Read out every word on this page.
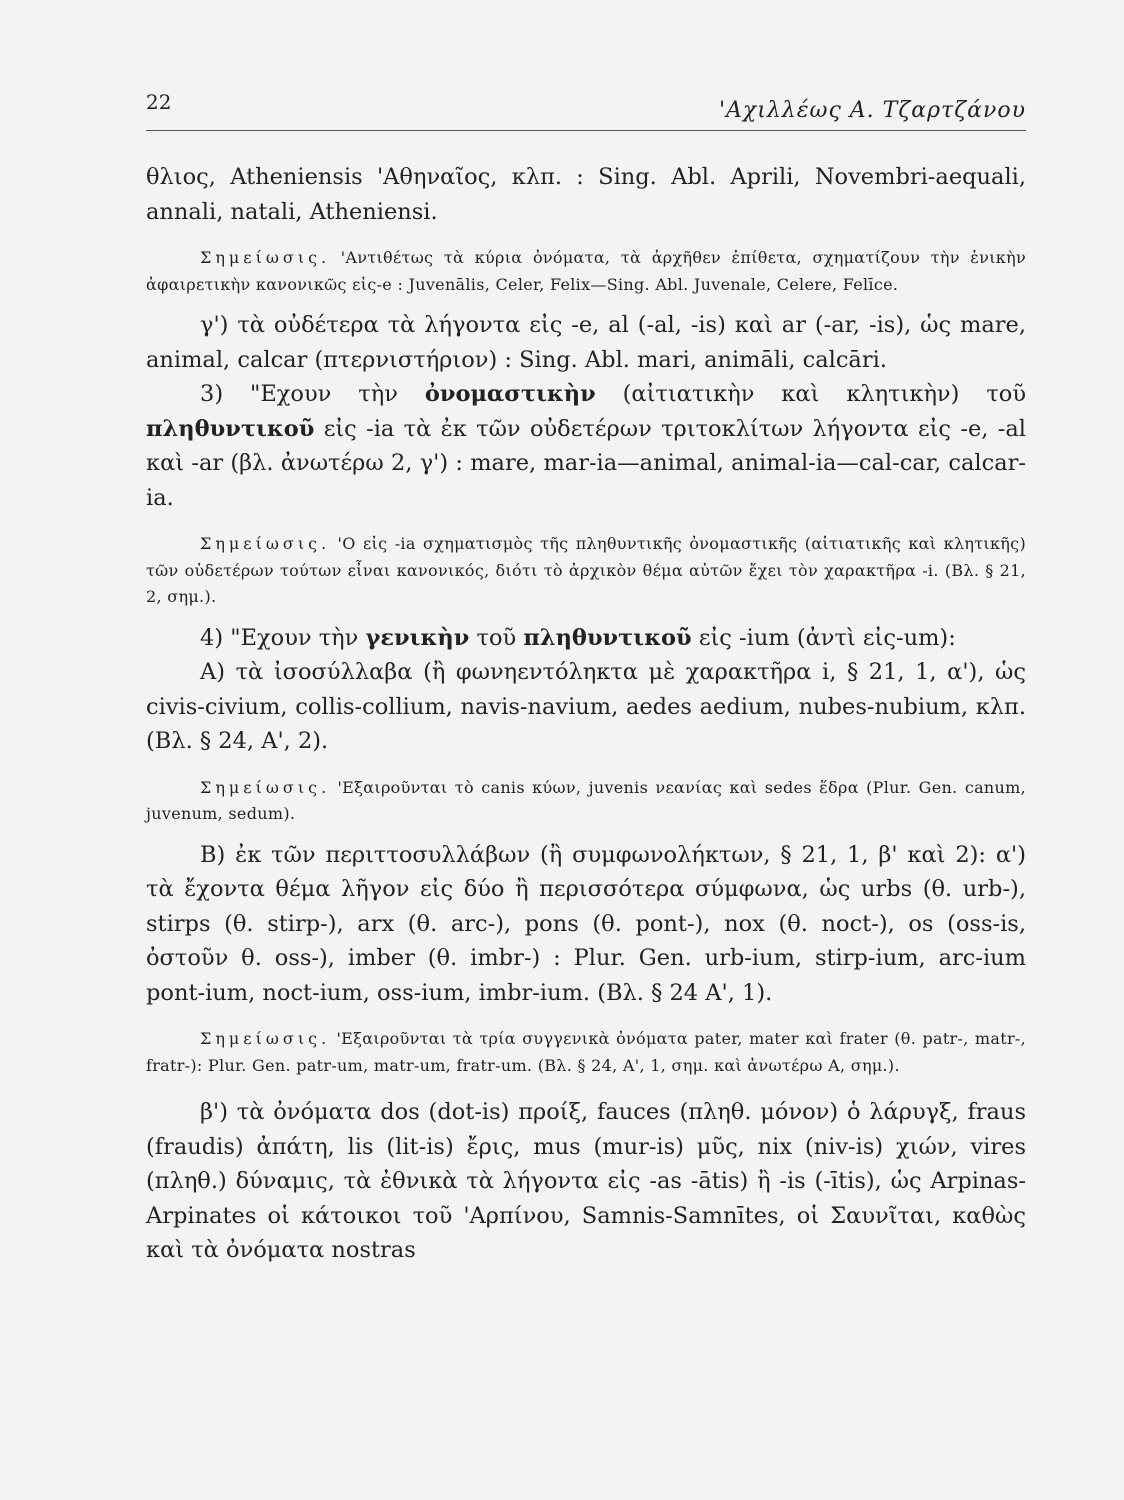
22	'Αχιλλέως Α. Τζαρτζάνου

θλιος, Atheniensis 'Αθηναῖος, κλπ. : Sing. Abl. Aprili, Novembri-aequali, annali, natali, Atheniensi.

Σημείωσις. 'Αντιθέτως τὰ κύρια ὀνόματα, τὰ ἀρχῆθεν ἐπίθετα, σχηματίζουν τὴν ἑνικὴν ἀφαιρετικὴν κανονικῶς εἰς-e : Juvenālis, Celer, Felix—Sing. Abl. Juvenale, Celere, Felīce.

γ') τὰ οὐδέτερα τὰ λήγοντα εἰς -e, al (-al, -is) καὶ ar (-ar, -is), ὡς mare, animal, calcar (πτερνιστήριον) : Sing. Abl. mari, animāli, calcāri.

3) "Εχουν τὴν ὀνομαστικὴν (αἰτιατικὴν καὶ κλητικὴν) τοῦ πληθυντικοῦ εἰς -ia τὰ ἐκ τῶν οὐδετέρων τριτοκλίτων λήγοντα εἰς -e, -al καὶ -ar (βλ. ἀνωτέρω 2, γ') : mare, mar-ia—animal, animal-ia—cal-car, calcar-ia.

Σημείωσις. 'Ο εἰς -ia σχηματισμὸς τῆς πληθυντικῆς ὀνομαστικῆς (αἰτιατικῆς καὶ κλητικῆς) τῶν οὐδετέρων τούτων εἶναι κανονικός, διότι τὸ ἀρχικὸν θέμα αὐτῶν ἔχει τὸν χαρακτῆρα -i. (Βλ. § 21, 2, σημ.).

4) "Εχουν τὴν γενικὴν τοῦ πληθυντικοῦ εἰς -ium (ἀντὶ εἰς-um):

Α) τὰ ἰσοσύλλαβα (ἢ φωνηεντόληκτα μὲ χαρακτῆρα i, § 21, 1, α'), ὡς civis-civium, collis-collium, navis-navium, aedes aedium, nubes-nubium, κλπ. (Βλ. § 24, Α', 2).

Σημείωσις. 'Εξαιροῦνται τὸ canis κύων, juvenis νεανίας καὶ sedes ἕδρα (Plur. Gen. canum, juvenum, sedum).

Β) ἐκ τῶν περιττοσυλλάβων (ἢ συμφωνολήκτων, § 21, 1, β' καὶ 2): α') τὰ ἔχοντα θέμα λῆγον εἰς δύο ἢ περισσότερα σύμφωνα, ὡς urbs (θ. urb-), stirps (θ. stirp-), arx (θ. arc-), pons (θ. pont-), nox (θ. noct-), os (oss-is, ὀστοῦν θ. oss-), imber (θ. imbr-) : Plur. Gen. urb-ium, stirp-ium, arc-ium pont-ium, noct-ium, oss-ium, imbr-ium. (Βλ. § 24 Α', 1).

Σημείωσις. 'Εξαιροῦνται τὰ τρία συγγενικὰ ὀνόματα pater, mater καὶ frater (θ. patr-, matr-, fratr-): Plur. Gen. patr-um, matr-um, fratr-um. (Βλ. § 24, Α', 1, σημ. καὶ ἀνωτέρω Α, σημ.).

β') τὰ ὀνόματα dos (dot-is) προίξ, fauces (πληθ. μόνον) ὁ λάρυγξ, fraus (fraudis) ἀπάτη, lis (lit-is) ἔρις, mus (mur-is) μῦς, nix (niv-is) χιών, vires (πληθ.) δύναμις, τὰ ἐθνικὰ τὰ λήγοντα εἰς -as -ātis) ἢ -is (-ītis), ὡς Arpinas-Arpinates οἱ κάτοικοι τοῦ 'Αρπίνου, Samnis-Samnītes, οἱ Σαυνῖται, καθὼς καὶ τὰ ὀνόματα nostras
